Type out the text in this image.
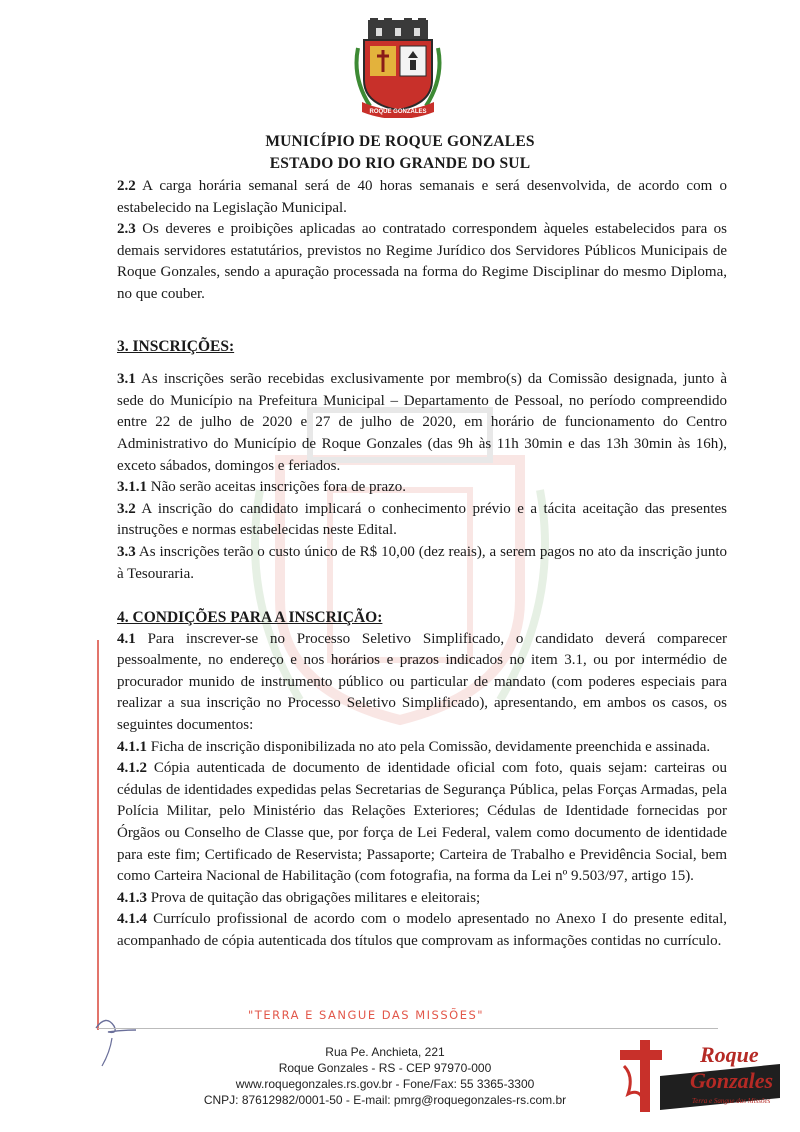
ROQUE GONZALES
MUNICÍPIO DE ROQUE GONZALES
ESTADO DO RIO GRANDE DO SUL

2.2 A carga horária semanal será de 40 horas semanais e será desenvolvida, de acordo com o estabelecido na Legislação Municipal.

2.3 Os deveres e proibições aplicadas ao contratado correspondem àqueles estabelecidos para os demais servidores estatutários, previstos no Regime Jurídico dos Servidores Públicos Municipais de Roque Gonzales, sendo a apuração processada na forma do Regime Disciplinar do mesmo Diploma, no que couber.

3. INSCRIÇÕES:

3.1 As inscrições serão recebidas exclusivamente por membro(s) da Comissão designada, junto à sede do Município na Prefeitura Municipal – Departamento de Pessoal, no período compreendido entre 22 de julho de 2020 e 27 de julho de 2020, em horário de funcionamento do Centro Administrativo do Município de Roque Gonzales (das 9h às 11h 30min e das 13h 30min às 16h), exceto sábados, domingos e feriados.

3.1.1 Não serão aceitas inscrições fora de prazo.

3.2 A inscrição do candidato implicará o conhecimento prévio e a tácita aceitação das presentes instruções e normas estabelecidas neste Edital.

3.3 As inscrições terão o custo único de R$ 10,00 (dez reais), a serem pagos no ato da inscrição junto à Tesouraria.

4. CONDIÇÕES PARA A INSCRIÇÃO:

4.1 Para inscrever-se no Processo Seletivo Simplificado, o candidato deverá comparecer pessoalmente, no endereço e nos horários e prazos indicados no item 3.1, ou por intermédio de procurador munido de instrumento público ou particular de mandato (com poderes especiais para realizar a sua inscrição no Processo Seletivo Simplificado), apresentando, em ambos os casos, os seguintes documentos:

4.1.1 Ficha de inscrição disponibilizada no ato pela Comissão, devidamente preenchida e assinada.

4.1.2 Cópia autenticada de documento de identidade oficial com foto, quais sejam: carteiras ou cédulas de identidades expedidas pelas Secretarias de Segurança Pública, pelas Forças Armadas, pela Polícia Militar, pelo Ministério das Relações Exteriores; Cédulas de Identidade fornecidas por Órgãos ou Conselho de Classe que, por força de Lei Federal, valem como documento de identidade para este fim; Certificado de Reservista; Passaporte; Carteira de Trabalho e Previdência Social, bem como Carteira Nacional de Habilitação (com fotografia, na forma da Lei nº 9.503/97, artigo 15).

4.1.3 Prova de quitação das obrigações militares e eleitorais;

4.1.4 Currículo profissional de acordo com o modelo apresentado no Anexo I do presente edital, acompanhado de cópia autenticada dos títulos que comprovam as informações contidas no currículo.

"TERRA E SANGUE DAS MISSÕES"
Rua Pe. Anchieta, 221
Roque Gonzales - RS - CEP 97970-000
www.roquegonzales.rs.gov.br - Fone/Fax: 55 3365-3300
CNPJ: 87612982/0001-50 - E-mail: pmrg@roquegonzales-rs.com.br
Roque
Gonzales
Terra e Sangue das Missões
